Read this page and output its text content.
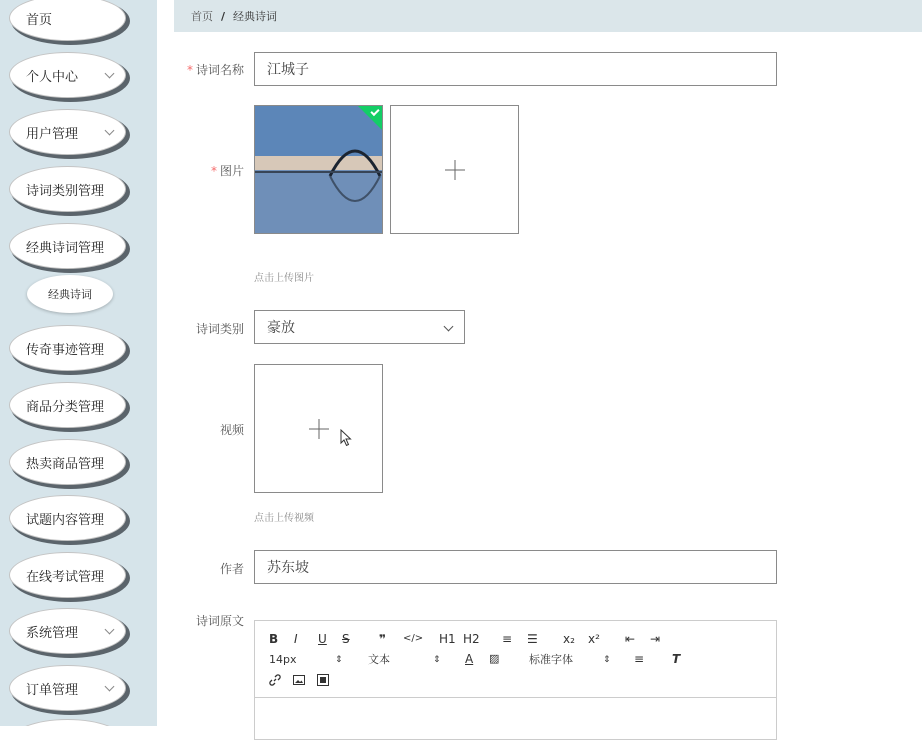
首页
个人中心
用户管理
诗词类别管理
经典诗词管理
经典诗词
传奇事迹管理
商品分类管理
热卖商品管理
试题内容管理
在线考试管理
系统管理
订单管理
首页 / 经典诗词
* 诗词名称 江城子
* 图片
点击上传图片
诗词类别 豪放
视频
点击上传视频
作者 苏东坡
诗词原文
B I U S ❞ </> H1 H2 ≡ ☰ x₂ x² ⇤ ⇥
14px	⇕ 文本	⇕ A ▨	标准字体	⇕ ≡ T
